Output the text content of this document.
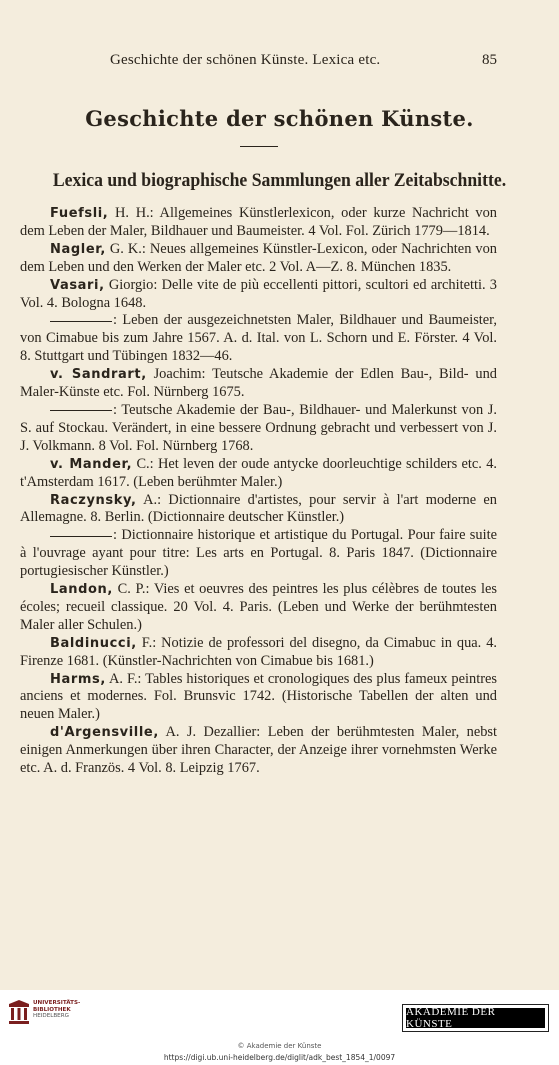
Geschichte der schönen Künste. Lexica etc.	85
Geschichte der schönen Künste.
Lexica und biographische Sammlungen aller Zeitabschnitte.

Fuefsli, H. H.: Allgemeines Künstlerlexicon, oder kurze Nachricht von dem Leben der Maler, Bildhauer und Baumeister. 4 Vol. Fol. Zürich 1779—1814.

Nagler, G. K.: Neues allgemeines Künstler-Lexicon, oder Nachrichten von dem Leben und den Werken der Maler etc. 2 Vol. A—Z. 8. München 1835.

Vasari, Giorgio: Delle vite de più eccellenti pittori, scultori ed architetti. 3 Vol. 4. Bologna 1648.

: Leben der ausgezeichnetsten Maler, Bildhauer und Baumeister, von Cimabue bis zum Jahre 1567. A. d. Ital. von L. Schorn und E. Förster. 4 Vol. 8. Stuttgart und Tübingen 1832—46.

v. Sandrart, Joachim: Teutsche Akademie der Edlen Bau-, Bild- und Maler-Künste etc. Fol. Nürnberg 1675.

: Teutsche Akademie der Bau-, Bildhauer- und Malerkunst von J. S. auf Stockau. Verändert, in eine bessere Ordnung gebracht und verbessert von J. J. Volkmann. 8 Vol. Fol. Nürnberg 1768.

v. Mander, C.: Het leven der oude antycke doorleuchtige schilders etc. 4. t'Amsterdam 1617. (Leben berühmter Maler.)

Raczynsky, A.: Dictionnaire d'artistes, pour servir à l'art moderne en Allemagne. 8. Berlin. (Dictionnaire deutscher Künstler.)

: Dictionnaire historique et artistique du Portugal. Pour faire suite à l'ouvrage ayant pour titre: Les arts en Portugal. 8. Paris 1847. (Dictionnaire portugiesischer Künstler.)

Landon, C. P.: Vies et oeuvres des peintres les plus célèbres de toutes les écoles; recueil classique. 20 Vol. 4. Paris. (Leben und Werke der berühmtesten Maler aller Schulen.)

Baldinucci, F.: Notizie de professori del disegno, da Cimabuc in qua. 4. Firenze 1681. (Künstler-Nachrichten von Cimabue bis 1681.)

Harms, A. F.: Tables historiques et cronologiques des plus fameux peintres anciens et modernes. Fol. Brunsvic 1742. (Historische Tabellen der alten und neuen Maler.)

d'Argensville, A. J. Dezallier: Leben der berühmtesten Maler, nebst einigen Anmerkungen über ihren Character, der Anzeige ihrer vornehmsten Werke etc. A. d. Französ. 4 Vol. 8. Leipzig 1767.

UNIVERSITÄTS-
BIBLIOTHEK
HEIDELBERG	AKADEMIE DER KÜNSTE
© Akademie der Künste
https://digi.ub.uni-heidelberg.de/diglit/adk_best_1854_1/0097
